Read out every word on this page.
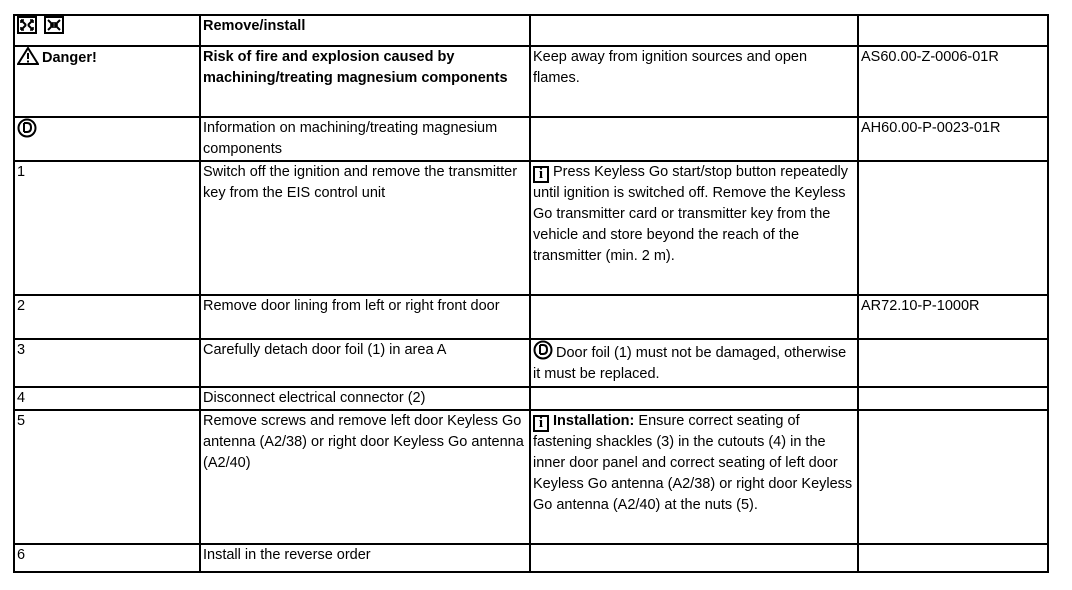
	Remove/install		
Danger!	Risk of fire and explosion caused by machining/treating magnesium components	Keep away from ignition sources and open flames.	AS60.00-Z-0006-01R
	Information on machining/treating magnesium components		AH60.00-P-0023-01R
1	Switch off the ignition and remove the transmitter key from the EIS control unit	i Press Keyless Go start/stop button repeatedly until ignition is switched off. Remove the Keyless Go transmitter card or transmitter key from the vehicle and store beyond the reach of the transmitter (min. 2 m).	
2	Remove door lining from left or right front door		AR72.10-P-1000R
3	Carefully detach door foil (1) in area A	Door foil (1) must not be damaged, otherwise it must be replaced.	
4	Disconnect electrical connector (2)		
5	Remove screws and remove left door Keyless Go antenna (A2/38) or right door Keyless Go antenna (A2/40)	i Installation: Ensure correct seating of fastening shackles (3) in the cutouts (4) in the inner door panel and correct seating of left door Keyless Go antenna (A2/38) or right door Keyless Go antenna (A2/40) at the nuts (5).	
6	Install in the reverse order		
